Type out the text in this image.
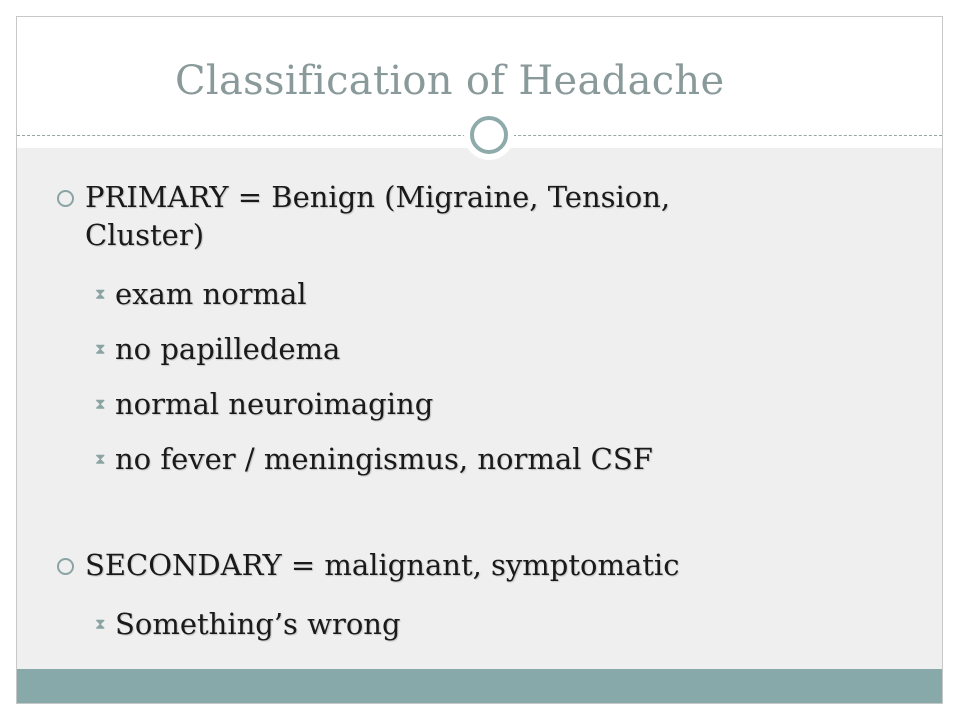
Classification of Headache
PRIMARY = Benign (Migraine, Tension,
Cluster)
⧗ exam normal
⧗ no papilledema
⧗ normal neuroimaging
⧗ no fever / meningismus, normal CSF
SECONDARY = malignant, symptomatic
⧗ Something’s wrong
